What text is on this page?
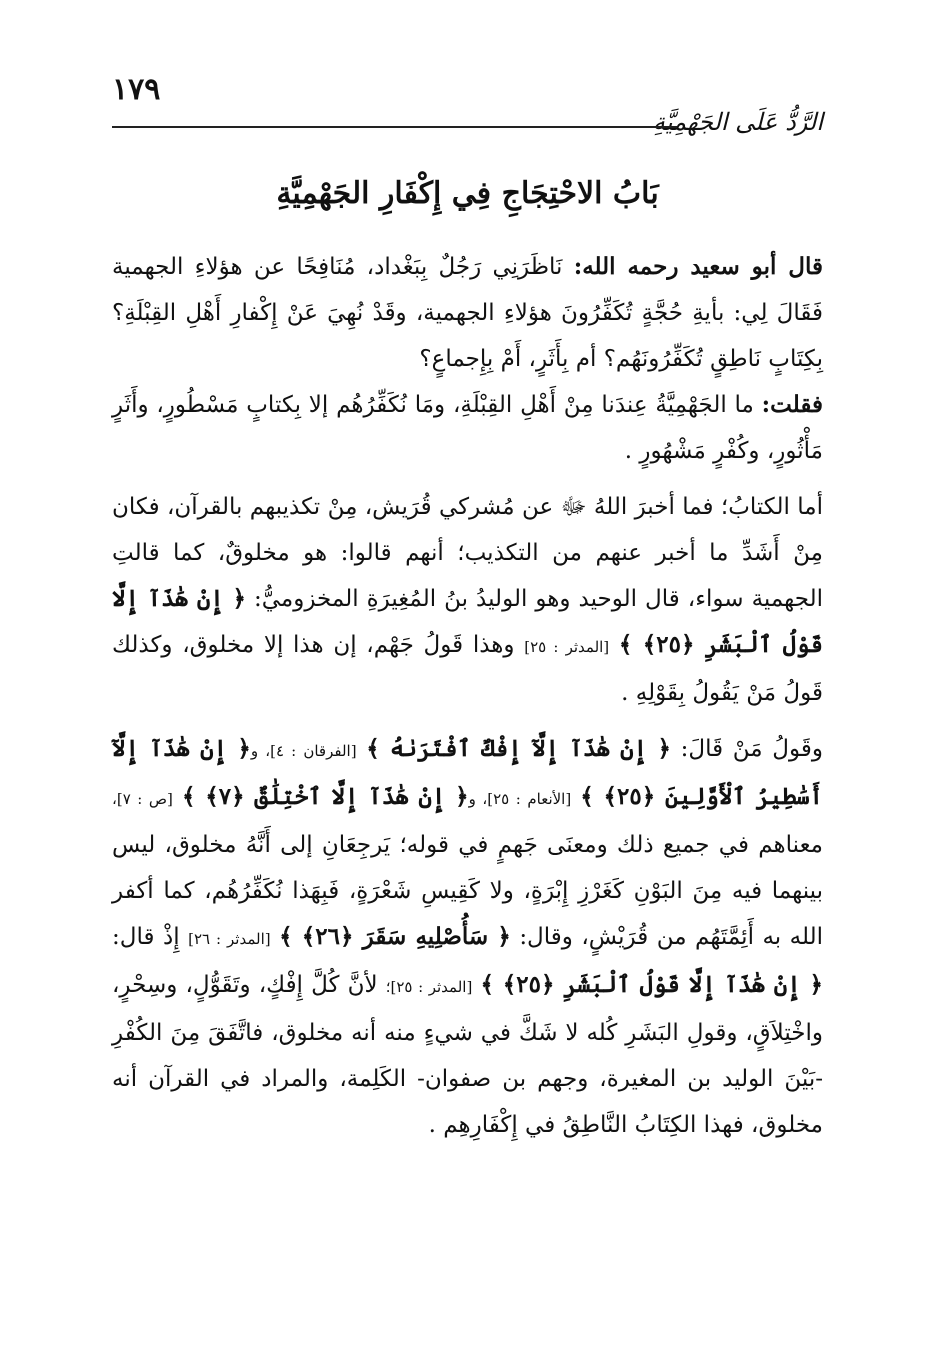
١٧٩
الرَّدُّ عَلَى الجَهْمِيَّةِ
بَابُ الاحْتِجَاجِ فِي إِكْفَارِ الجَهْمِيَّةِ

قال أبو سعيد رحمه الله: نَاظَرَنِي رَجُلٌ بِبَغْداد، مُنَافِحًا عن هؤلاءِ الجهمية فَقَالَ لِي: بأيةِ حُجَّةٍ تُكَفِّرُونَ هؤلاءِ الجهمية، وقَدْ نُهِيَ عَنْ إِكْفارِ أَهْلِ القِبْلَةِ؟ بِكِتَابٍ نَاطِقٍ تُكَفِّرُونَهُم؟ أم بِأَثَرٍ، أَمْ بِإِجماعٍ؟

فقلت: ما الجَهْمِيَّةُ عِندَنا مِنْ أَهْلِ القِبْلَةِ، ومَا نُكَفِّرُهُم إلا بِكتابٍ مَسْطُورٍ، وأَثَرٍ مَأْثُورٍ، وكُفْرٍ مَشْهُورٍ .

أما الكتابُ؛ فما أخبرَ اللهُ ﷻ عن مُشركي قُرَيش، مِنْ تكذيبهم بالقرآن، فكان مِنْ أَشَدِّ ما أخبر عنهم من التكذيب؛ أنهم قالوا: هو مخلوقٌ، كما قالتِ الجهمية سواء، قال الوحيد وهو الوليدُ بنُ المُغِيرَةِ المخزوميُّ: ﴿ إِنْ هَٰذَآ إِلَّا قَوْلُ ٱلْبَشَرِ ﴿٢٥﴾ ﴾ [المدثر : ٢٥] وهذا قَولُ جَهْم، إن هذا إلا مخلوق، وكذلك قَولُ مَنْ يَقُولُ بِقَوْلِهِ .

وقَولُ مَنْ قَالَ: ﴿ إِنْ هَٰذَآ إِلَّآ إِفْكٌ ٱفْتَرَىٰهُ ﴾ [الفرقان : ٤]، و﴿ إِنْ هَٰذَآ إِلَّآ أَسَٰطِيرُ ٱلْأَوَّلِينَ ﴿٢٥﴾ ﴾ [الأنعام : ٢٥]، و﴿ إِنْ هَٰذَآ إِلَّا ٱخْتِلَٰقٌ ﴿٧﴾ ﴾ [ص : ٧]، معناهم في جميع ذلك ومعنَى جَهمٍ في قوله؛ يَرجِعَانِ إلى أَنَّهُ مخلوق، ليس بينهما فيه مِنَ البَوْنِ كَغَرْزِ إِبْرَةٍ، ولا كَقِيسِ شَعْرَةٍ، فَبِهَذا نُكَفِّرُهُم، كما أكفر الله به أَئِمَّتَهُم من قُرَيْشٍ، وقال: ﴿ سَأُصْلِيهِ سَقَرَ ﴿٢٦﴾ ﴾ [المدثر : ٢٦] إِذْ قال: ﴿ إِنْ هَٰذَآ إِلَّا قَوْلُ ٱلْبَشَرِ ﴿٢٥﴾ ﴾ [المدثر : ٢٥]؛ لأنَّ كُلَّ إِفْكٍ، وتَقَوُّلٍ، وسِحْرٍ، واخْتِلاَقٍ، وقولِ البَشَرِ كُله لا شَكَّ في شيءٍ منه أنه مخلوق، فاتَّفَقَ مِنَ الكُفْرِ -بَيْنَ الوليد بن المغيرة، وجهم بن صفوان- الكَلِمة، والمراد في القرآن أنه مخلوق، فهذا الكِتَابُ النَّاطِقُ في إِكْفَارِهِم .
